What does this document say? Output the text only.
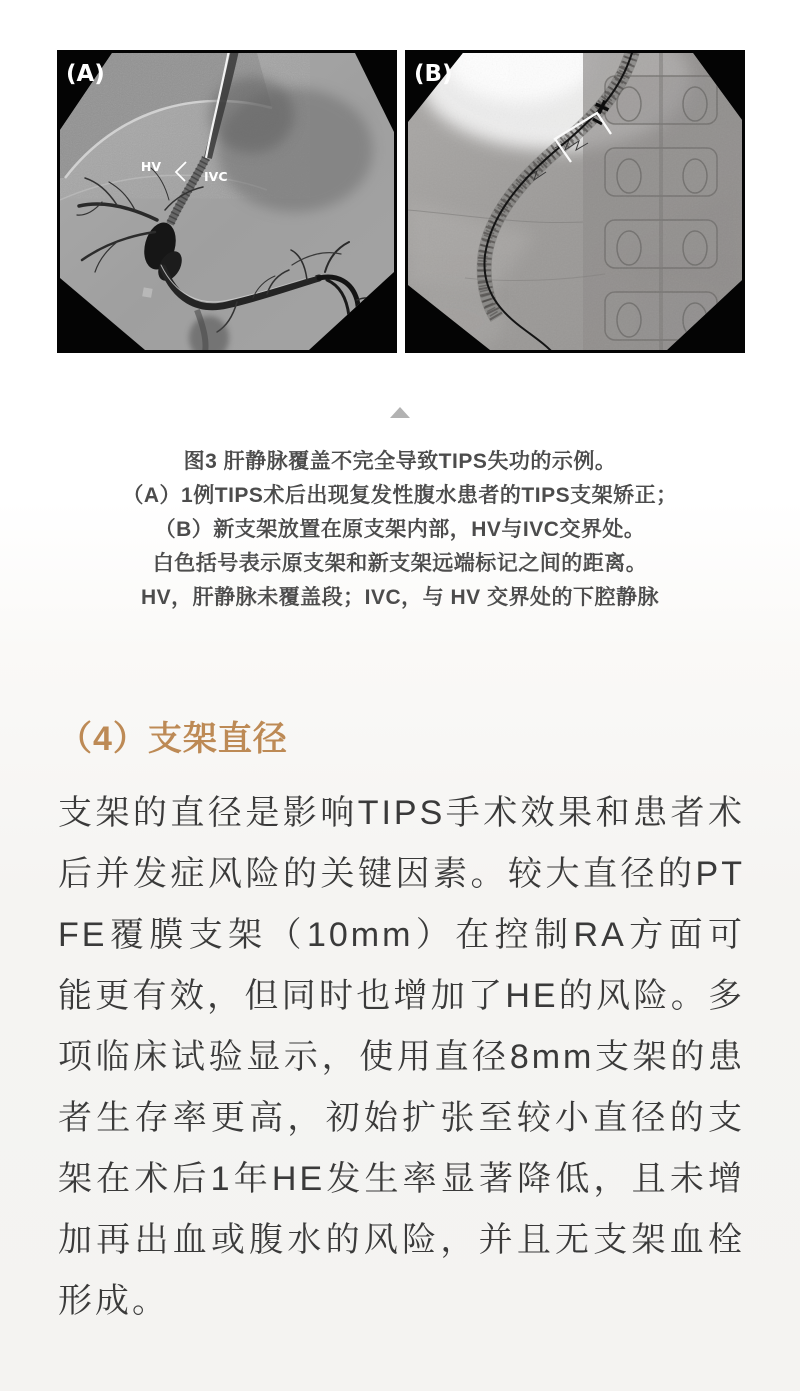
HV
IVC
(A)	(B)
图3 肝静脉覆盖不完全导致TIPS失功的示例。
（A）1例TIPS术后出现复发性腹水患者的TIPS支架矫正；
（B）新支架放置在原支架内部，HV与IVC交界处。
白色括号表示原支架和新支架远端标记之间的距离。
HV，肝静脉未覆盖段；IVC，与 HV 交界处的下腔静脉
（4）支架直径

支架的直径是影响TIPS手术效果和患者术后并发症风险的关键因素。较大直径的PTFE覆膜支架（10mm）在控制RA方面可能更有效，但同时也增加了HE的风险。多项临床试验显示，使用直径8mm支架的患者生存率更高，初始扩张至较小直径的支架在术后1年HE发生率显著降低，且未增加再出血或腹水的风险，并且无支架血栓形成。
